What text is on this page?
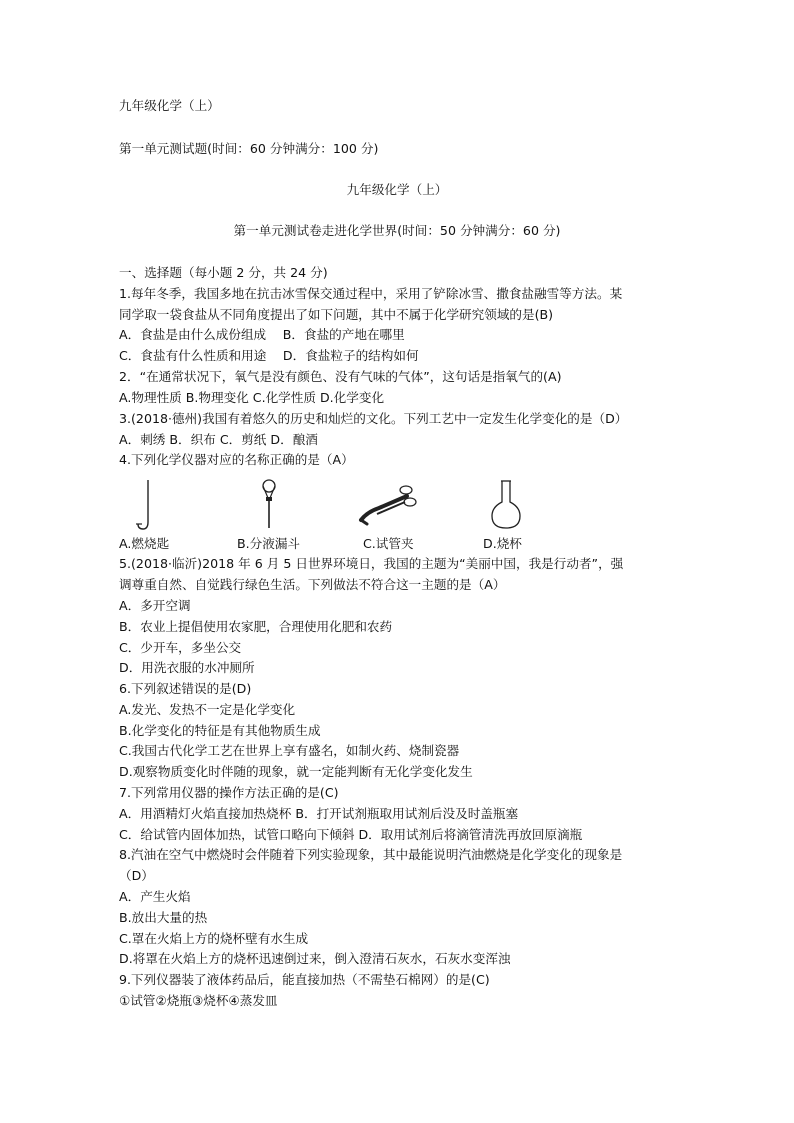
九年级化学（上）
第一单元测试题(时间：60 分钟满分：100 分)
九年级化学（上）
第一单元测试卷走进化学世界(时间：50 分钟满分：60 分)
一、选择题（每小题 2 分，共 24 分)
1.每年冬季，我国多地在抗击冰雪保交通过程中，采用了铲除冰雪、撒食盐融雪等方法。某
同学取一袋食盐从不同角度提出了如下问题，其中不属于化学研究领域的是(B)
A．食盐是由什么成份组成　 B．食盐的产地在哪里
C．食盐有什么性质和用途　 D．食盐粒子的结构如何
2．“在通常状况下，氧气是没有颜色、没有气味的气体”，这句话是指氧气的(A)
A.物理性质 B.物理变化 C.化学性质 D.化学变化
3.(2018·德州)我国有着悠久的历史和灿烂的文化。下列工艺中一定发生化学变化的是（D）
A．刺绣 B．织布 C．剪纸 D．酿酒
4.下列化学仪器对应的名称正确的是（A）
A.燃烧匙	B.分液漏斗	C.试管夹	D.烧杯
5.(2018·临沂)2018 年 6 月 5 日世界环境日，我国的主题为“美丽中国，我是行动者”，强
调尊重自然、自觉践行绿色生活。下列做法不符合这一主题的是（A）
A．多开空调
B．农业上提倡使用农家肥，合理使用化肥和农药
C．少开车，多坐公交
D．用洗衣服的水冲厕所
6.下列叙述错误的是(D)
A.发光、发热不一定是化学变化
B.化学变化的特征是有其他物质生成
C.我国古代化学工艺在世界上享有盛名，如制火药、烧制瓷器
D.观察物质变化时伴随的现象，就一定能判断有无化学变化发生
7.下列常用仪器的操作方法正确的是(C)
A．用酒精灯火焰直接加热烧杯 B．打开试剂瓶取用试剂后没及时盖瓶塞
C．给试管内固体加热，试管口略向下倾斜 D．取用试剂后将滴管清洗再放回原滴瓶
8.汽油在空气中燃烧时会伴随着下列实验现象，其中最能说明汽油燃烧是化学变化的现象是
（D）
A．产生火焰
B.放出大量的热
C.罩在火焰上方的烧杯壁有水生成
D.将罩在火焰上方的烧杯迅速倒过来，倒入澄清石灰水，石灰水变浑浊
9.下列仪器装了液体药品后，能直接加热（不需垫石棉网）的是(C)
①试管②烧瓶③烧杯④蒸发皿
